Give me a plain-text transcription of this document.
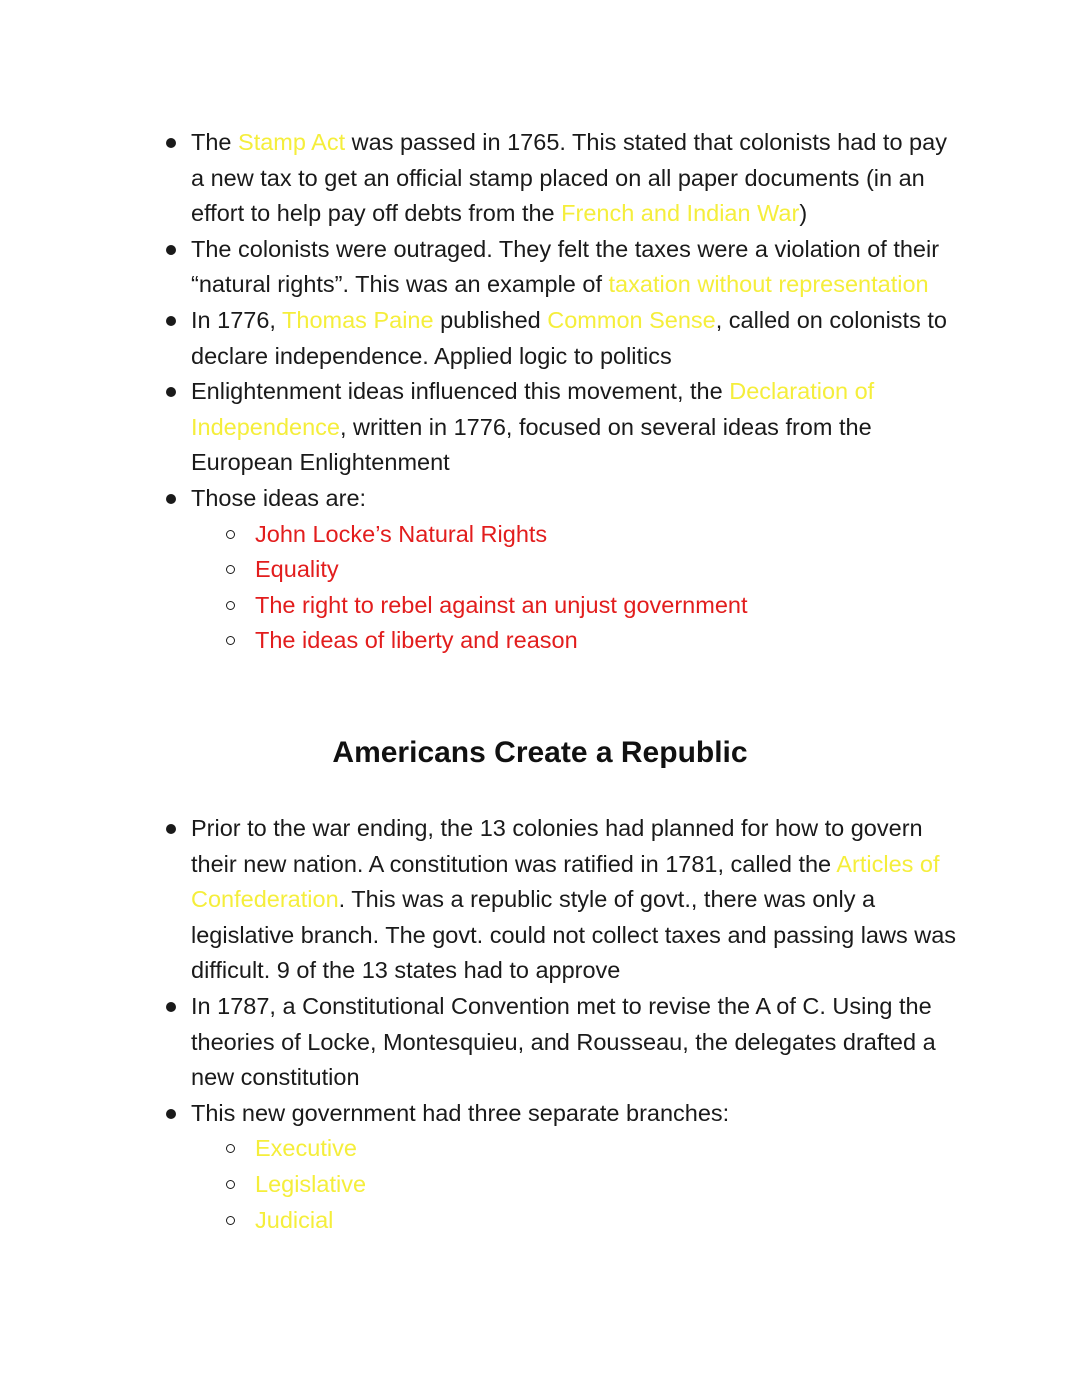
The Stamp Act was passed in 1765. This stated that colonists had to pay a new tax to get an official stamp placed on all paper documents (in an effort to help pay off debts from the French and Indian War)
The colonists were outraged. They felt the taxes were a violation of their “natural rights”. This was an example of taxation without representation
In 1776, Thomas Paine published Common Sense, called on colonists to declare independence. Applied logic to politics
Enlightenment ideas influenced this movement, the Declaration of Independence, written in 1776, focused on several ideas from the European Enlightenment
Those ideas are:
John Locke’s Natural Rights
Equality
The right to rebel against an unjust government
The ideas of liberty and reason
Americans Create a Republic
Prior to the war ending, the 13 colonies had planned for how to govern their new nation. A constitution was ratified in 1781, called the Articles of Confederation. This was a republic style of govt., there was only a legislative branch. The govt. could not collect taxes and passing laws was difficult. 9 of the 13 states had to approve
In 1787, a Constitutional Convention met to revise the A of C. Using the theories of Locke, Montesquieu, and Rousseau, the delegates drafted a new constitution
This new government had three separate branches:
Executive
Legislative
Judicial
